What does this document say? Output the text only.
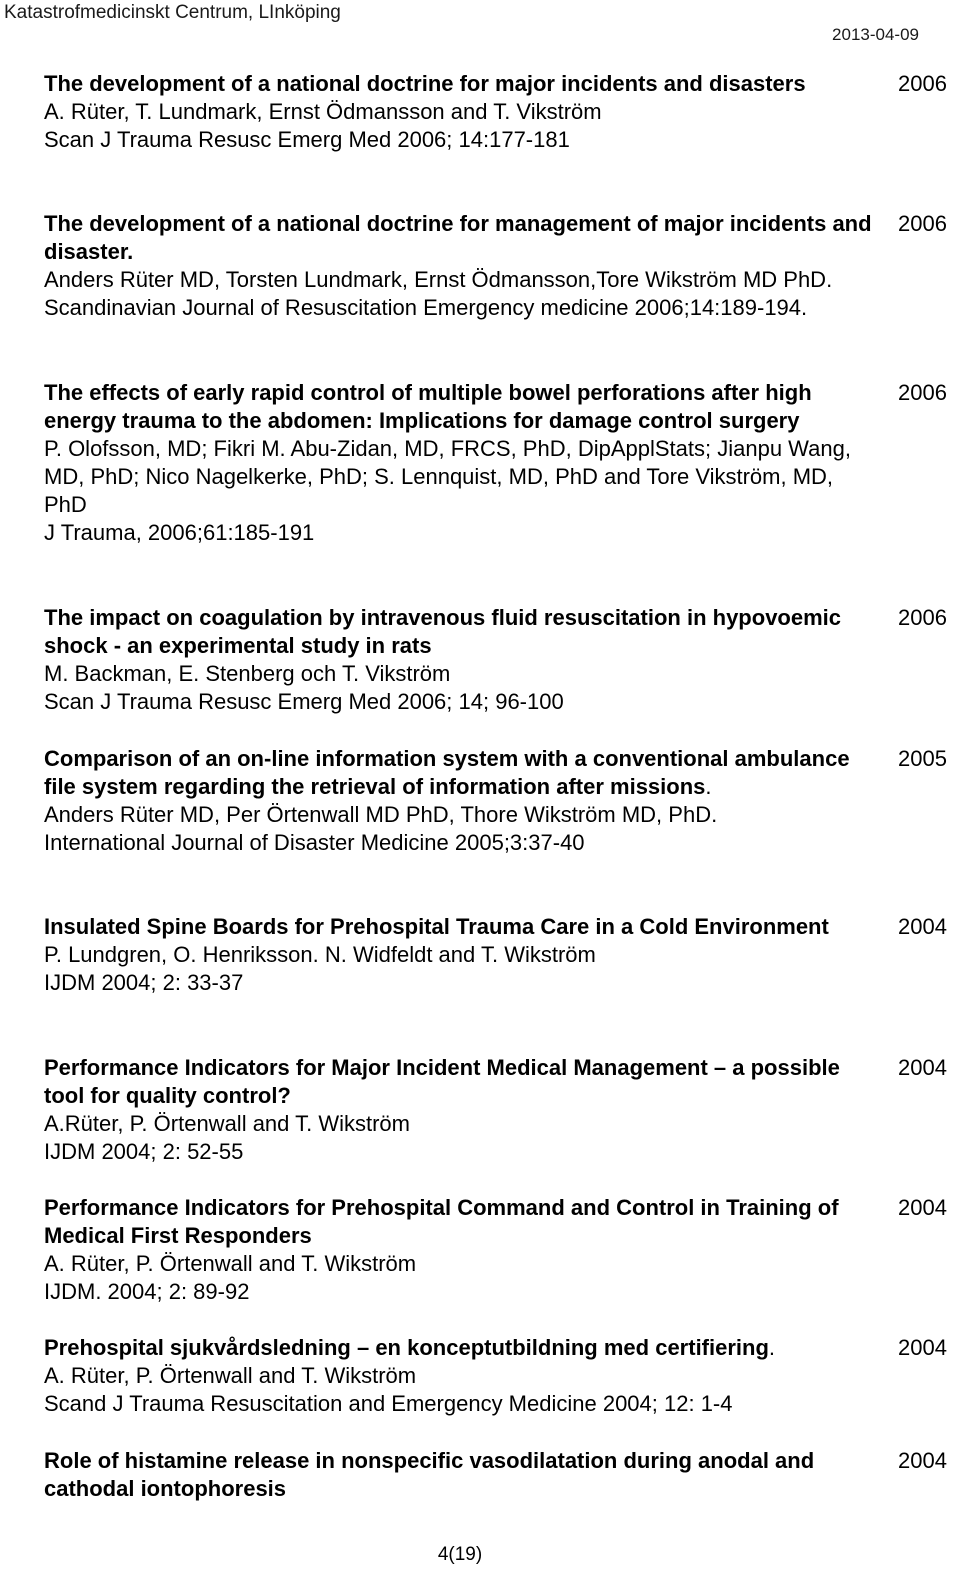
Katastrofmedicinskt Centrum, LInköping
2013-04-09
The development of a national doctrine for major incidents and disasters
A. Rüter, T. Lundmark, Ernst Ödmansson and T. Vikström
Scan J Trauma Resusc Emerg Med 2006; 14:177-181
2006
The development of a national doctrine for management of major incidents and disaster.
Anders Rüter MD, Torsten Lundmark, Ernst Ödmansson,Tore Wikström MD PhD.
Scandinavian Journal of Resuscitation Emergency medicine 2006;14:189-194.
2006
The effects of early rapid control of multiple bowel perforations after high energy trauma to the abdomen: Implications for damage control surgery
P. Olofsson, MD; Fikri M. Abu-Zidan, MD, FRCS, PhD, DipApplStats; Jianpu Wang, MD, PhD; Nico Nagelkerke, PhD; S. Lennquist, MD, PhD and Tore Vikström, MD, PhD
J Trauma, 2006;61:185-191
2006
The impact on coagulation by intravenous fluid resuscitation in hypovoemic shock - an experimental study in rats
M. Backman, E. Stenberg och T. Vikström
Scan J Trauma Resusc Emerg Med 2006; 14; 96-100
2006
Comparison of an on-line information system with a conventional ambulance file system regarding the retrieval of information after missions.
Anders Rüter MD, Per Örtenwall MD PhD, Thore Wikström MD, PhD.
International Journal of Disaster Medicine 2005;3:37-40
2005
Insulated Spine Boards for Prehospital Trauma Care in a Cold Environment
P. Lundgren, O. Henriksson. N. Widfeldt and T. Wikström
IJDM 2004; 2: 33-37
2004
Performance Indicators for Major Incident Medical Management – a possible tool for quality control?
A.Rüter, P. Örtenwall and T. Wikström
IJDM 2004; 2: 52-55
2004
Performance Indicators for Prehospital Command and Control in Training of Medical First Responders
A. Rüter, P. Örtenwall and T. Wikström
IJDM. 2004; 2: 89-92
2004
Prehospital sjukvårdsledning – en konceptutbildning med certifiering.
A. Rüter, P. Örtenwall and T. Wikström
Scand J Trauma Resuscitation and Emergency Medicine 2004; 12: 1-4
2004
Role of histamine release in nonspecific vasodilatation during anodal and cathodal iontophoresis
2004
4(19)
